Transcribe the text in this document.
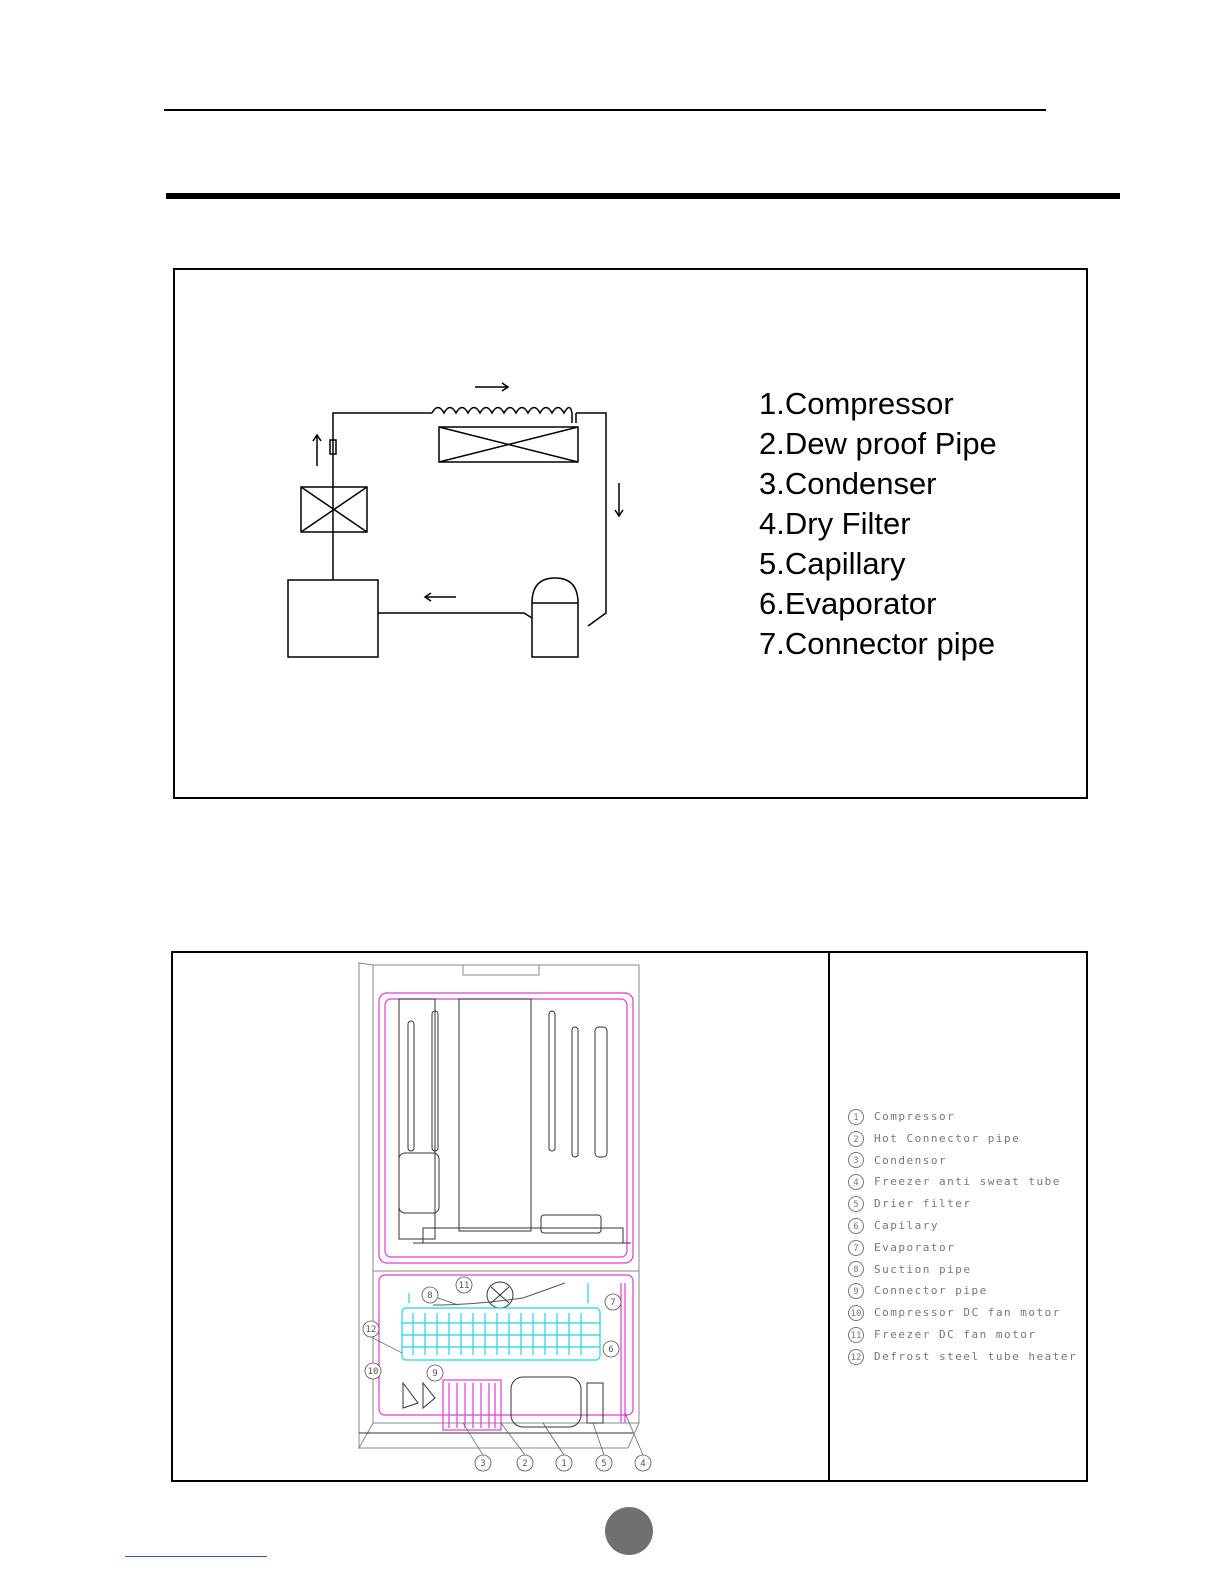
1.Compressor
2.Dew proof Pipe
3.Condenser
4.Dry Filter
5.Capillary
6.Evaporator
7.Connector pipe
3	2	1	5	4
6
7
8
9
10
11
12
1	Compressor
2	Hot Connector pipe
3	Condensor
4	Freezer anti sweat tube
5	Drier filter
6	Capilary
7	Evaporator
8	Suction pipe
9	Connector pipe
10 Compressor DC fan motor
11 Freezer DC fan motor
12 Defrost steel tube heater
